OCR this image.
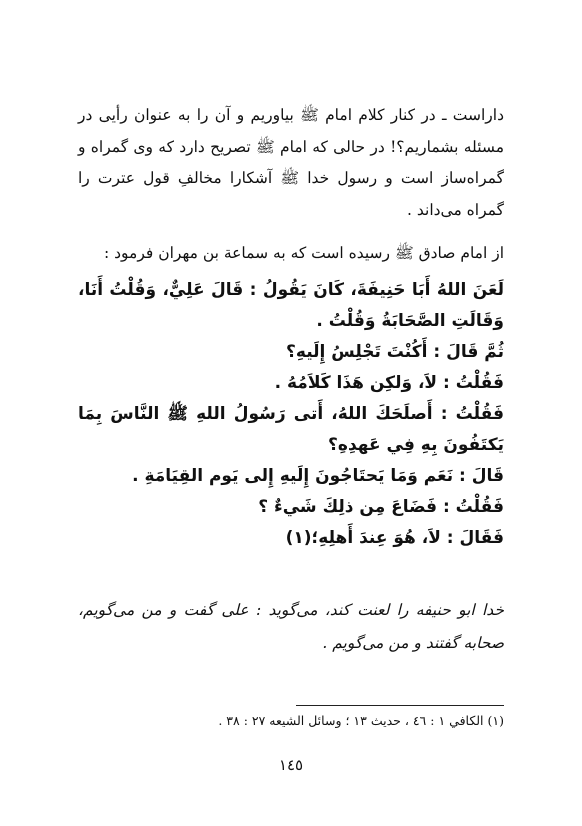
داراست ـ در کنار کلام امام ﷺ بیاوریم و آن را به عنوان رأیی در مسئله بشماریم؟! در حالی که امام ﷺ تصریح دارد که وی گمراه و گمراه‌ساز است و رسول خدا ﷺ آشکارا مخالفِ قول عترت را گمراه می‌داند .
از امام صادق ﷺ رسیده است که به سماعة بن مهران فرمود :
لَعَنَ اللهُ أَبَا حَنِيفَةَ، كَانَ يَقُولُ : قَالَ عَلِيٌّ، وَقُلْتُ أَنَا،
وَقَالَتِ الصَّحَابَةُ وَقُلْتُ .
ثُمَّ قَالَ : أَكُنْتَ تَجْلِسُ إِلَيهِ؟
فَقُلْتُ : لاَ، وَلكِن هَذَا كَلاَمُهُ .
فَقُلْتُ : أَصلَحَكَ اللهُ، أَتى رَسُولُ اللهِ ﷺ النَّاسَ بِمَا
يَكتَفُونَ بِهِ فِي عَهدِهِ؟
قَالَ : نَعَم وَمَا يَحتَاجُونَ إِلَيهِ إِلى يَوم القِيَامَةِ .
فَقُلْتُ : فَضَاعَ مِن ذلِكَ شَيءٌ ؟
فَقَالَ : لاَ، هُوَ عِندَ أَهلِهِ؛(١)
خدا ابو حنیفه را لعنت کند، می‌گوید : علی گفت و من می‌گویم، صحابه گفتند و من می‌گویم .
(١) الكافي ١ : ٤٦ ، حديث ١٣ ؛ وسائل الشيعه ٢٧ : ٣٨ .
١٤٥
